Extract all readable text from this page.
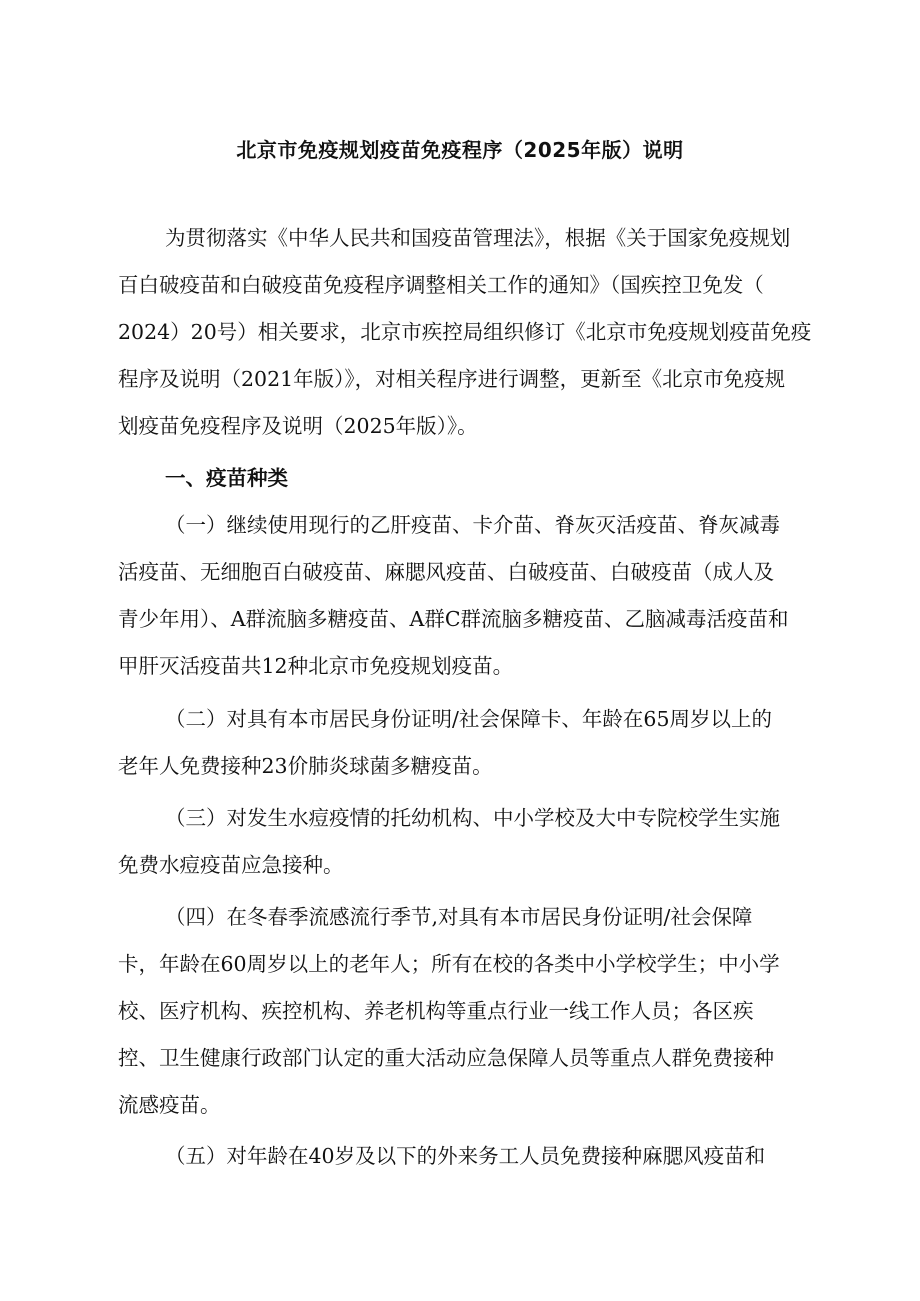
北京市免疫规划疫苗免疫程序（2025年版）说明

为贯彻落实《中华人民共和国疫苗管理法》，根据《关于国家免疫规划

百白破疫苗和白破疫苗免疫程序调整相关工作的通知》（国疾控卫免发（

2024）20号）相关要求，北京市疾控局组织修订《北京市免疫规划疫苗免疫

程序及说明（2021年版）》，对相关程序进行调整，更新至《北京市免疫规

划疫苗免疫程序及说明（2025年版）》。

一、疫苗种类

（一）继续使用现行的乙肝疫苗、卡介苗、脊灰灭活疫苗、脊灰减毒

活疫苗、无细胞百白破疫苗、麻腮风疫苗、白破疫苗、白破疫苗（成人及

青少年用）、A群流脑多糖疫苗、A群C群流脑多糖疫苗、乙脑减毒活疫苗和

甲肝灭活疫苗共12种北京市免疫规划疫苗。

（二）对具有本市居民身份证明/社会保障卡、年龄在65周岁以上的

老年人免费接种23价肺炎球菌多糖疫苗。

（三）对发生水痘疫情的托幼机构、中小学校及大中专院校学生实施

免费水痘疫苗应急接种。

（四）在冬春季流感流行季节,对具有本市居民身份证明/社会保障

卡，年龄在60周岁以上的老年人；所有在校的各类中小学校学生；中小学

校、医疗机构、疾控机构、养老机构等重点行业一线工作人员；各区疾

控、卫生健康行政部门认定的重大活动应急保障人员等重点人群免费接种

流感疫苗。

（五）对年龄在40岁及以下的外来务工人员免费接种麻腮风疫苗和
